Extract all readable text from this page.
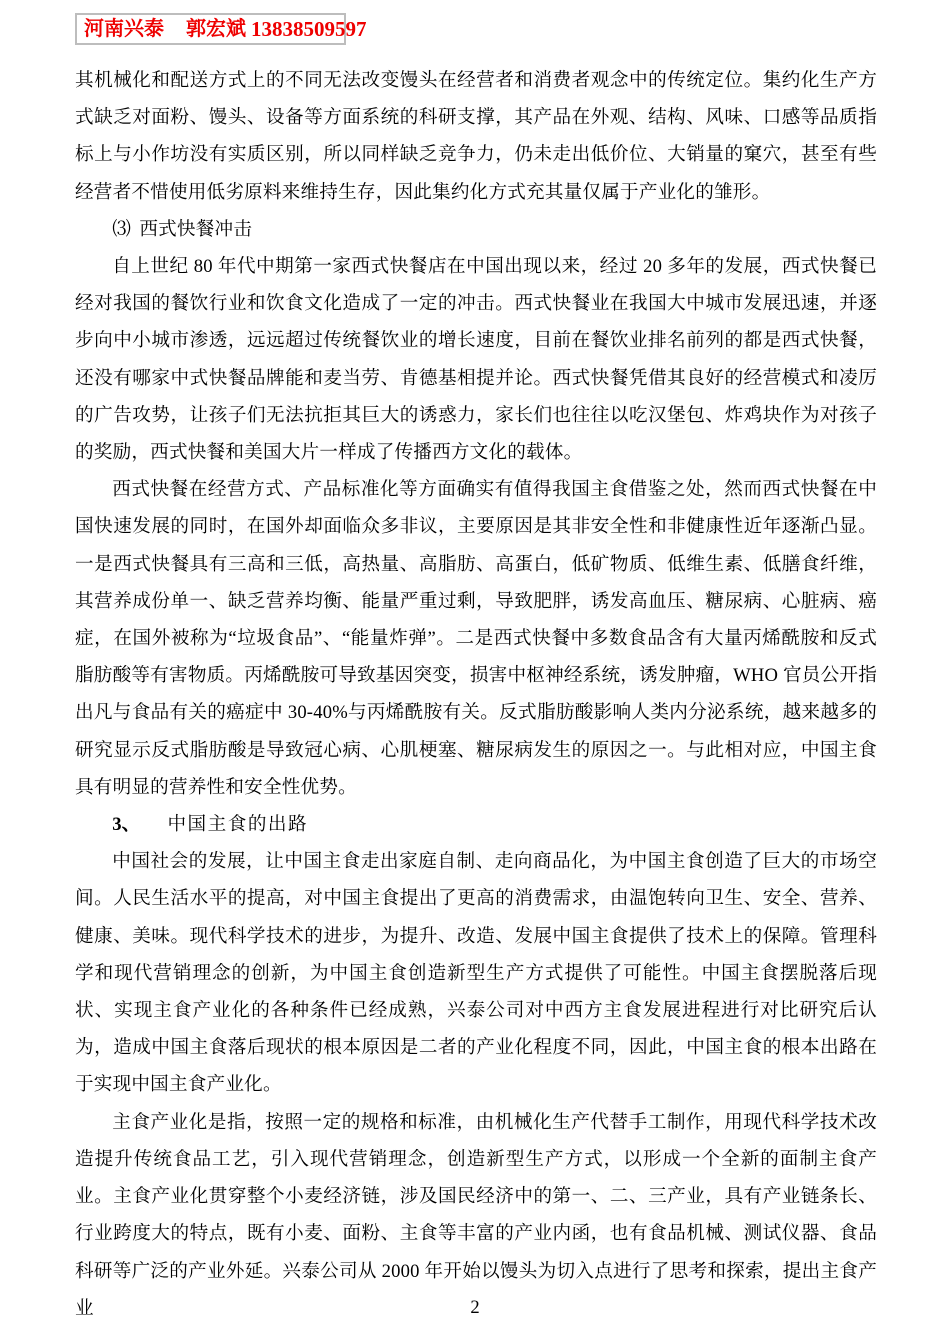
河南兴泰 郭宏斌 13838509597

其机械化和配送方式上的不同无法改变馒头在经营者和消费者观念中的传统定位。集约化生产方式缺乏对面粉、馒头、设备等方面系统的科研支撑，其产品在外观、结构、风味、口感等品质指标上与小作坊没有实质区别，所以同样缺乏竞争力，仍未走出低价位、大销量的窠穴，甚至有些经营者不惜使用低劣原料来维持生存，因此集约化方式充其量仅属于产业化的雏形。

⑶ 西式快餐冲击

自上世纪 80 年代中期第一家西式快餐店在中国出现以来，经过 20 多年的发展，西式快餐已经对我国的餐饮行业和饮食文化造成了一定的冲击。西式快餐业在我国大中城市发展迅速，并逐步向中小城市渗透，远远超过传统餐饮业的增长速度，目前在餐饮业排名前列的都是西式快餐，还没有哪家中式快餐品牌能和麦当劳、肯德基相提并论。西式快餐凭借其良好的经营模式和凌厉的广告攻势，让孩子们无法抗拒其巨大的诱惑力，家长们也往往以吃汉堡包、炸鸡块作为对孩子的奖励，西式快餐和美国大片一样成了传播西方文化的载体。

西式快餐在经营方式、产品标准化等方面确实有值得我国主食借鉴之处，然而西式快餐在中国快速发展的同时，在国外却面临众多非议，主要原因是其非安全性和非健康性近年逐渐凸显。一是西式快餐具有三高和三低，高热量、高脂肪、高蛋白，低矿物质、低维生素、低膳食纤维，其营养成份单一、缺乏营养均衡、能量严重过剩，导致肥胖，诱发高血压、糖尿病、心脏病、癌症，在国外被称为“垃圾食品”、“能量炸弹”。二是西式快餐中多数食品含有大量丙烯酰胺和反式脂肪酸等有害物质。丙烯酰胺可导致基因突变，损害中枢神经系统，诱发肿瘤，WHO 官员公开指出凡与食品有关的癌症中 30-40%与丙烯酰胺有关。反式脂肪酸影响人类内分泌系统，越来越多的研究显示反式脂肪酸是导致冠心病、心肌梗塞、糖尿病发生的原因之一。与此相对应，中国主食具有明显的营养性和安全性优势。

3、 中国主食的出路

中国社会的发展，让中国主食走出家庭自制、走向商品化，为中国主食创造了巨大的市场空间。人民生活水平的提高，对中国主食提出了更高的消费需求，由温饱转向卫生、安全、营养、健康、美味。现代科学技术的进步，为提升、改造、发展中国主食提供了技术上的保障。管理科学和现代营销理念的创新，为中国主食创造新型生产方式提供了可能性。中国主食摆脱落后现状、实现主食产业化的各种条件已经成熟，兴泰公司对中西方主食发展进程进行对比研究后认为，造成中国主食落后现状的根本原因是二者的产业化程度不同，因此，中国主食的根本出路在于实现中国主食产业化。

主食产业化是指，按照一定的规格和标准，由机械化生产代替手工制作，用现代科学技术改造提升传统食品工艺，引入现代营销理念，创造新型生产方式，以形成一个全新的面制主食产业。主食产业化贯穿整个小麦经济链，涉及国民经济中的第一、二、三产业，具有产业链条长、行业跨度大的特点，既有小麦、面粉、主食等丰富的产业内函，也有食品机械、测试仪器、食品科研等广泛的产业外延。兴泰公司从 2000 年开始以馒头为切入点进行了思考和探索，提出主食产业	2
